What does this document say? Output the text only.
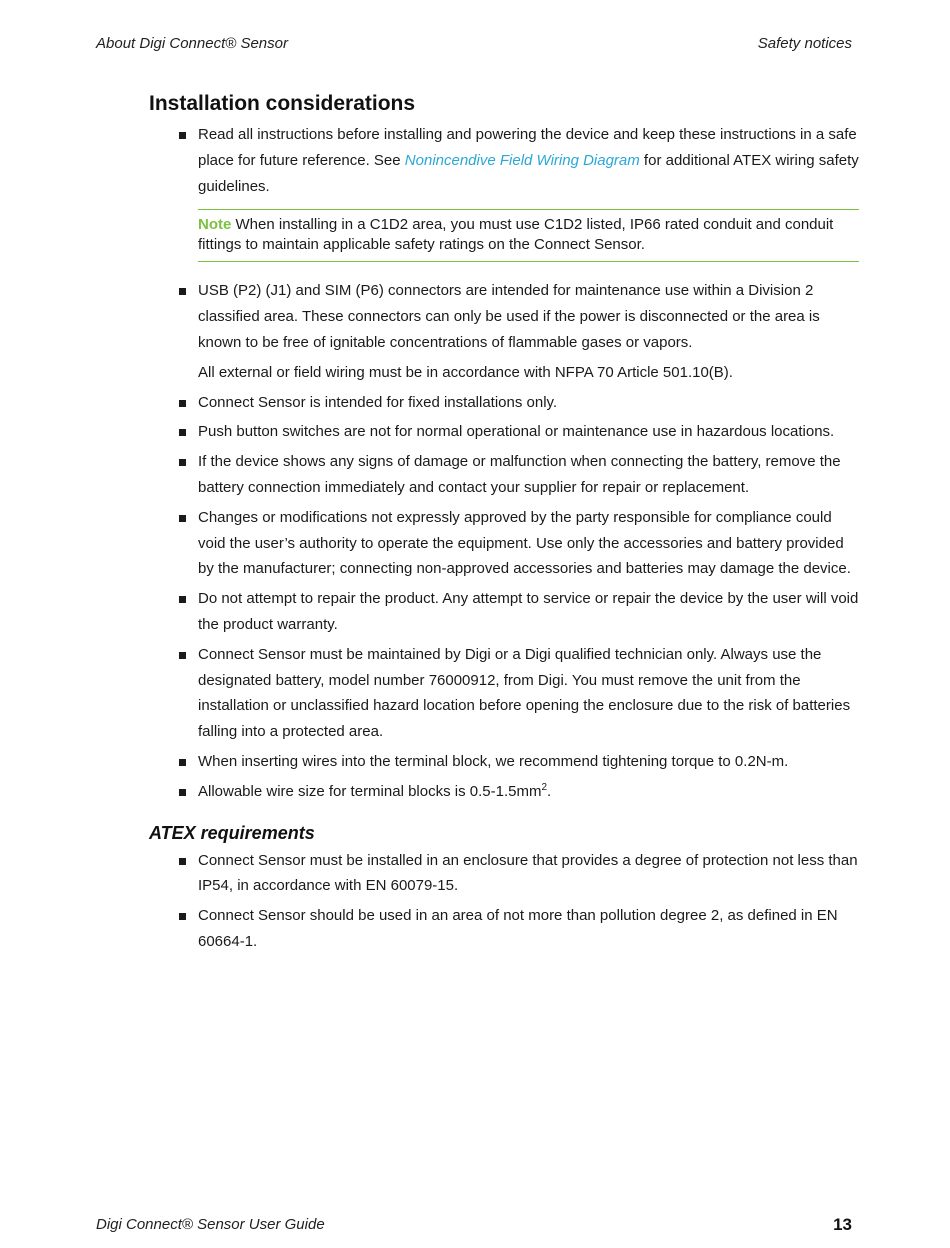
About Digi Connect® Sensor	Safety notices
Installation considerations
Read all instructions before installing and powering the device and keep these instructions in a safe place for future reference. See Nonincendive Field Wiring Diagram for additional ATEX wiring safety guidelines.
Note When installing in a C1D2 area, you must use C1D2 listed, IP66 rated conduit and conduit fittings to maintain applicable safety ratings on the Connect Sensor.
USB (P2) (J1) and SIM (P6) connectors are intended for maintenance use within a Division 2 classified area. These connectors can only be used if the power is disconnected or the area is known to be free of ignitable concentrations of flammable gases or vapors.

All external or field wiring must be in accordance with NFPA 70 Article 501.10(B).

Connect Sensor is intended for fixed installations only.
Push button switches are not for normal operational or maintenance use in hazardous locations.
If the device shows any signs of damage or malfunction when connecting the battery, remove the battery connection immediately and contact your supplier for repair or replacement.
Changes or modifications not expressly approved by the party responsible for compliance could void the user’s authority to operate the equipment. Use only the accessories and battery provided by the manufacturer; connecting non-approved accessories and batteries may damage the device.
Do not attempt to repair the product. Any attempt to service or repair the device by the user will void the product warranty.
Connect Sensor must be maintained by Digi or a Digi qualified technician only. Always use the designated battery, model number 76000912, from Digi. You must remove the unit from the installation or unclassified hazard location before opening the enclosure due to the risk of batteries falling into a protected area.
When inserting wires into the terminal block, we recommend tightening torque to 0.2N-m.
Allowable wire size for terminal blocks is $0.5-1.5mm^2$.
ATEX requirements
Connect Sensor must be installed in an enclosure that provides a degree of protection not less than IP54, in accordance with EN 60079-15.
Connect Sensor should be used in an area of not more than pollution degree 2, as defined in EN 60664-1.
Digi Connect® Sensor User Guide	13
